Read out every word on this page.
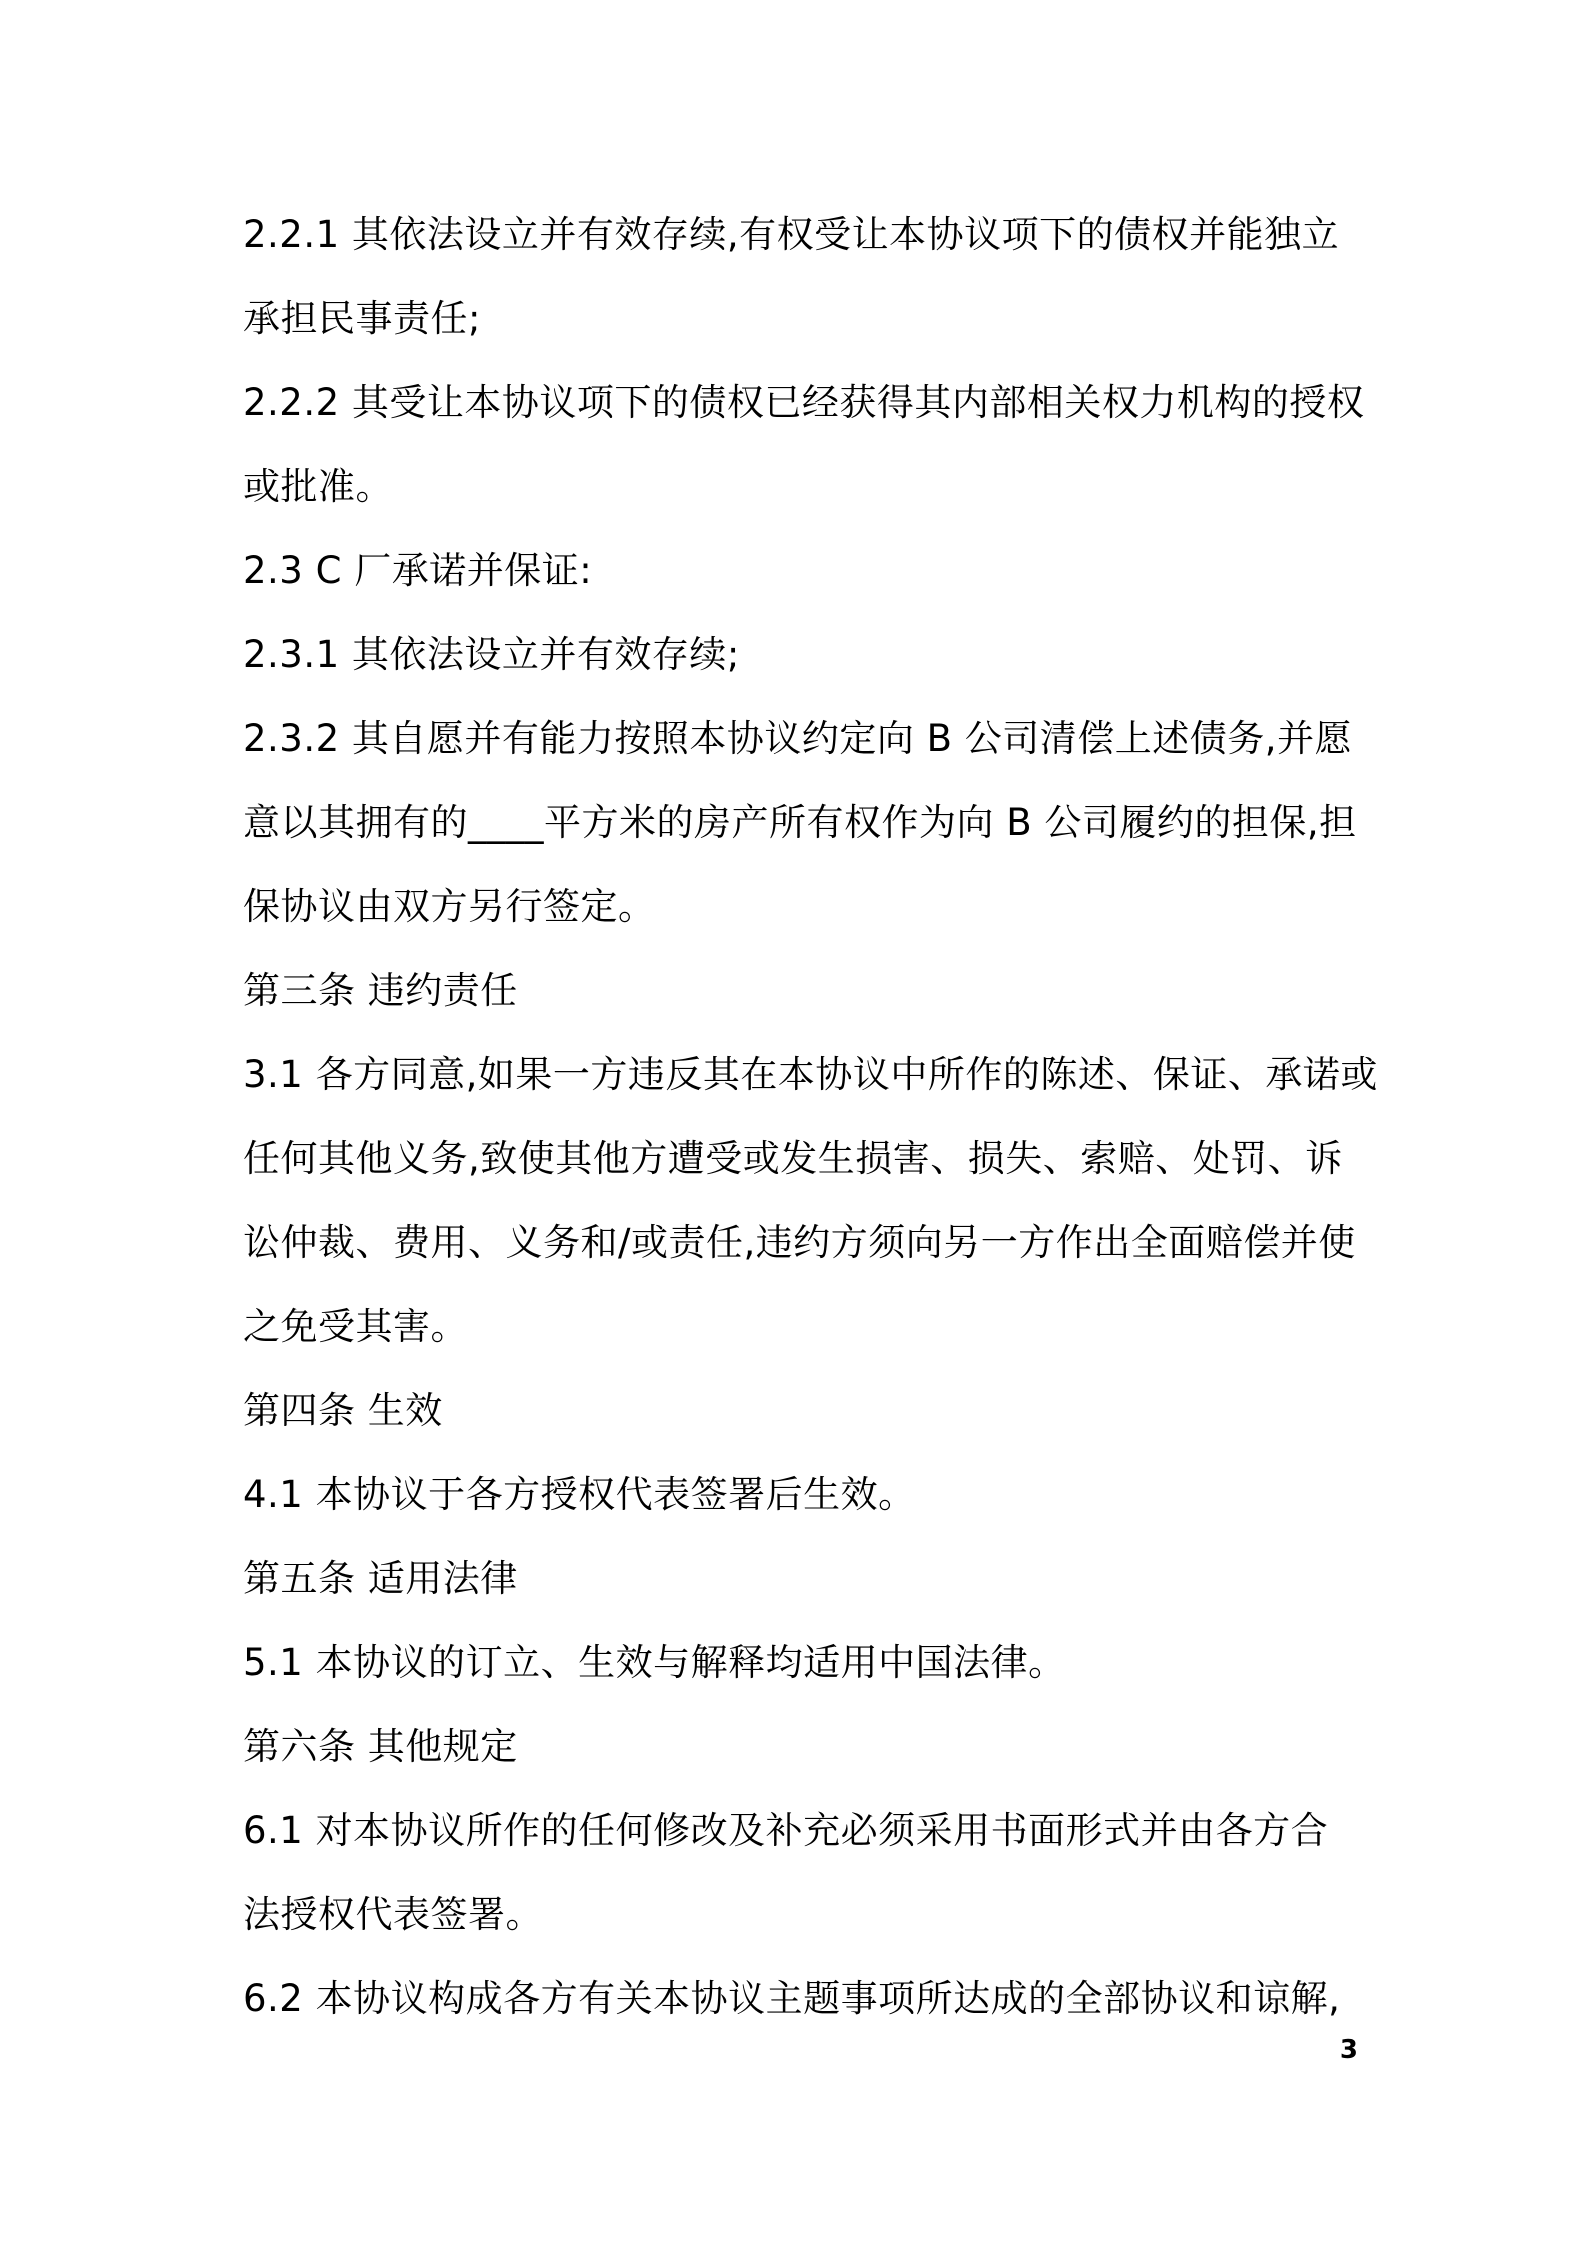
2.2.1 其依法设立并有效存续,有权受让本协议项下的债权并能独立
承担民事责任;
2.2.2 其受让本协议项下的债权已经获得其内部相关权力机构的授权
或批准。
2.3 C 厂承诺并保证:
2.3.1 其依法设立并有效存续;
2.3.2 其自愿并有能力按照本协议约定向 B 公司清偿上述债务,并愿
意以其拥有的____平方米的房产所有权作为向 B 公司履约的担保,担
保协议由双方另行签定。
第三条 违约责任
3.1 各方同意,如果一方违反其在本协议中所作的陈述、保证、承诺或
任何其他义务,致使其他方遭受或发生损害、损失、索赔、处罚、诉
讼仲裁、费用、义务和/或责任,违约方须向另一方作出全面赔偿并使
之免受其害。
第四条 生效
4.1 本协议于各方授权代表签署后生效。
第五条 适用法律
5.1 本协议的订立、生效与解释均适用中国法律。
第六条 其他规定
6.1 对本协议所作的任何修改及补充必须采用书面形式并由各方合
法授权代表签署。
6.2 本协议构成各方有关本协议主题事项所达成的全部协议和谅解,
3
